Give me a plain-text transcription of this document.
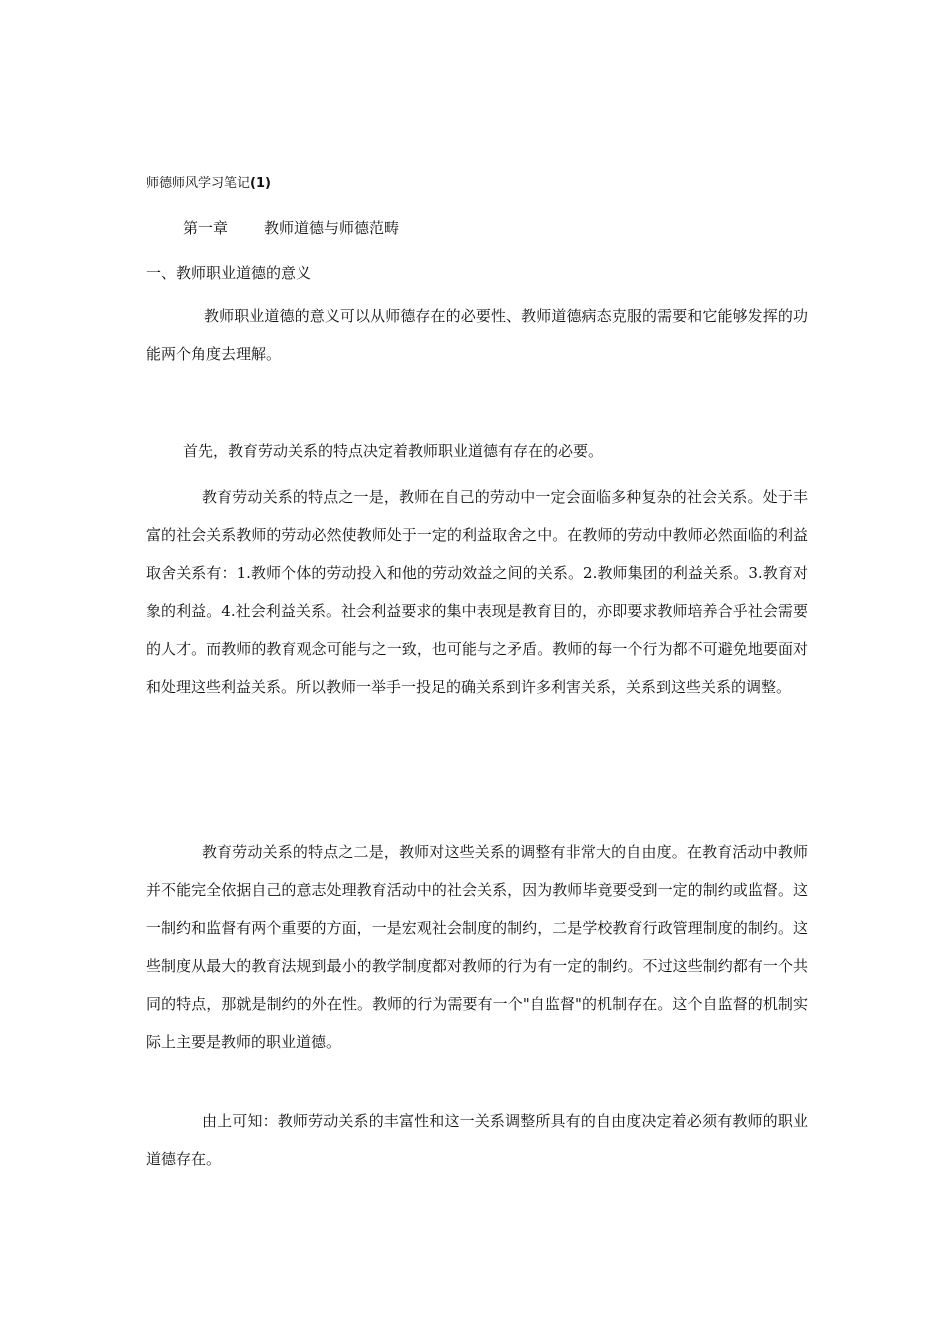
师德师风学习笔记(1)
第一章 教师道德与师德范畴
一、教师职业道德的意义

教师职业道德的意义可以从师德存在的必要性、教师道德病态克服的需要和它能够发挥的功能两个角度去理解。

首先，教育劳动关系的特点决定着教师职业道德有存在的必要。

教育劳动关系的特点之一是，教师在自己的劳动中一定会面临多种复杂的社会关系。处于丰富的社会关系教师的劳动必然使教师处于一定的利益取舍之中。在教师的劳动中教师必然面临的利益取舍关系有：1.教师个体的劳动投入和他的劳动效益之间的关系。2.教师集团的利益关系。3.教育对象的利益。4.社会利益关系。社会利益要求的集中表现是教育目的，亦即要求教师培养合乎社会需要的人才。而教师的教育观念可能与之一致，也可能与之矛盾。教师的每一个行为都不可避免地要面对和处理这些利益关系。所以教师一举手一投足的确关系到许多利害关系，关系到这些关系的调整。

教育劳动关系的特点之二是，教师对这些关系的调整有非常大的自由度。在教育活动中教师并不能完全依据自己的意志处理教育活动中的社会关系，因为教师毕竟要受到一定的制约或监督。这一制约和监督有两个重要的方面，一是宏观社会制度的制约，二是学校教育行政管理制度的制约。这些制度从最大的教育法规到最小的教学制度都对教师的行为有一定的制约。不过这些制约都有一个共同的特点，那就是制约的外在性。教师的行为需要有一个"自监督"的机制存在。这个自监督的机制实际上主要是教师的职业道德。

由上可知：教师劳动关系的丰富性和这一关系调整所具有的自由度决定着必须有教师的职业道德存在。
